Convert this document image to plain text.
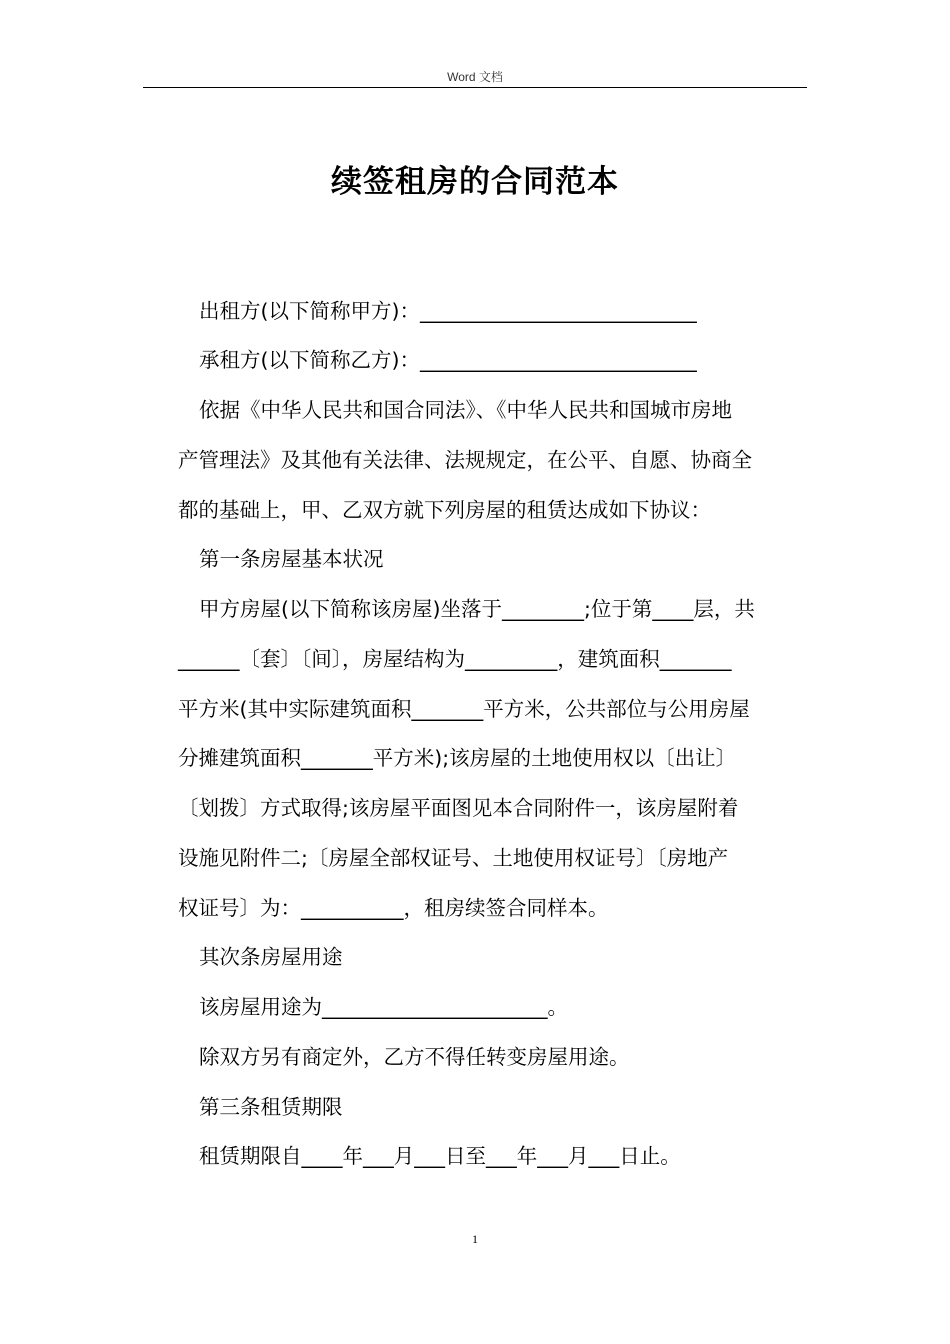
Word 文档
续签租房的合同范本
出租方(以下简称甲方)：___________________________
承租方(以下简称乙方)：___________________________
依据《中华人民共和国合同法》、《中华人民共和国城市房地
产管理法》及其他有关法律、法规规定，在公平、自愿、协商全
都的基础上，甲、乙双方就下列房屋的租赁达成如下协议：
第一条房屋基本状况
甲方房屋(以下简称该房屋)坐落于________;位于第____层，共
______〔套〕〔间〕，房屋结构为_________，建筑面积_______
平方米(其中实际建筑面积_______平方米，公共部位与公用房屋
分摊建筑面积_______平方米);该房屋的土地使用权以〔出让〕
〔划拨〕方式取得;该房屋平面图见本合同附件一，该房屋附着
设施见附件二;〔房屋全部权证号、土地使用权证号〕〔房地产
权证号〕为：__________，租房续签合同样本。
其次条房屋用途
该房屋用途为______________________。
除双方另有商定外，乙方不得任转变房屋用途。
第三条租赁期限
租赁期限自____年___月___日至___年___月___日止。
1
